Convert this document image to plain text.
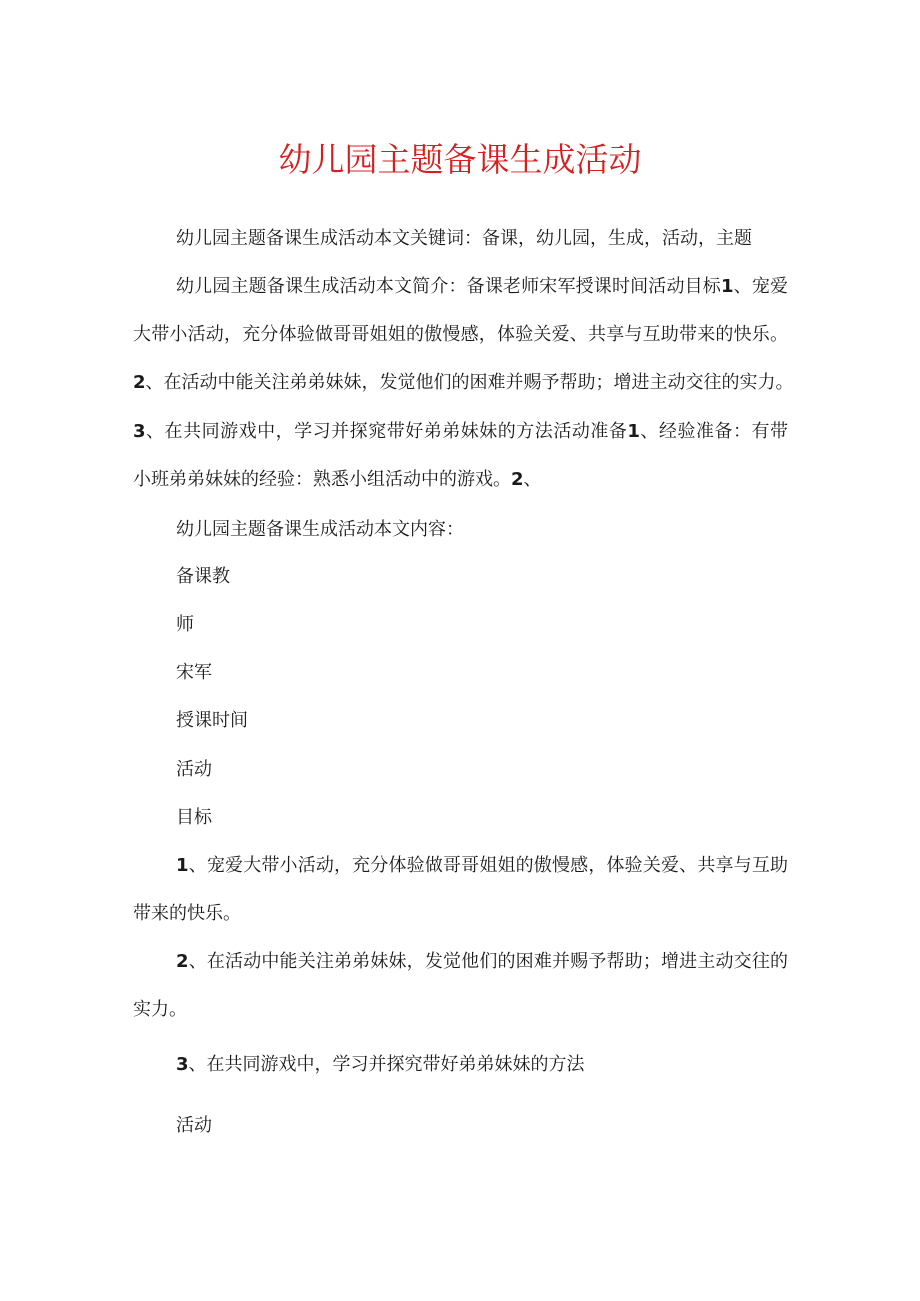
幼儿园主题备课生成活动

幼儿园主题备课生成活动本文关键词：备课，幼儿园，生成，活动，主题

幼儿园主题备课生成活动本文简介：备课老师宋军授课时间活动目标1、宠爱

大带小活动，充分体验做哥哥姐姐的傲慢感，体验关爱、共享与互助带来的快乐。

2、在活动中能关注弟弟妹妹，发觉他们的困难并赐予帮助；增进主动交往的实力。

3、在共同游戏中，学习并探窕带好弟弟妹妹的方法活动准备1、经验准备：有带

小班弟弟妹妹的经验：熟悉小组活动中的游戏。2、

幼儿园主题备课生成活动本文内容：

备课教

师

宋军

授课时间

活动

目标

1、宠爱大带小活动，充分体验做哥哥姐姐的傲慢感，体验关爱、共享与互助

带来的快乐。

2、在活动中能关注弟弟妹妹，发觉他们的困难并赐予帮助；增进主动交往的

实力。

3、在共同游戏中，学习并探究带好弟弟妹妹的方法

活动
